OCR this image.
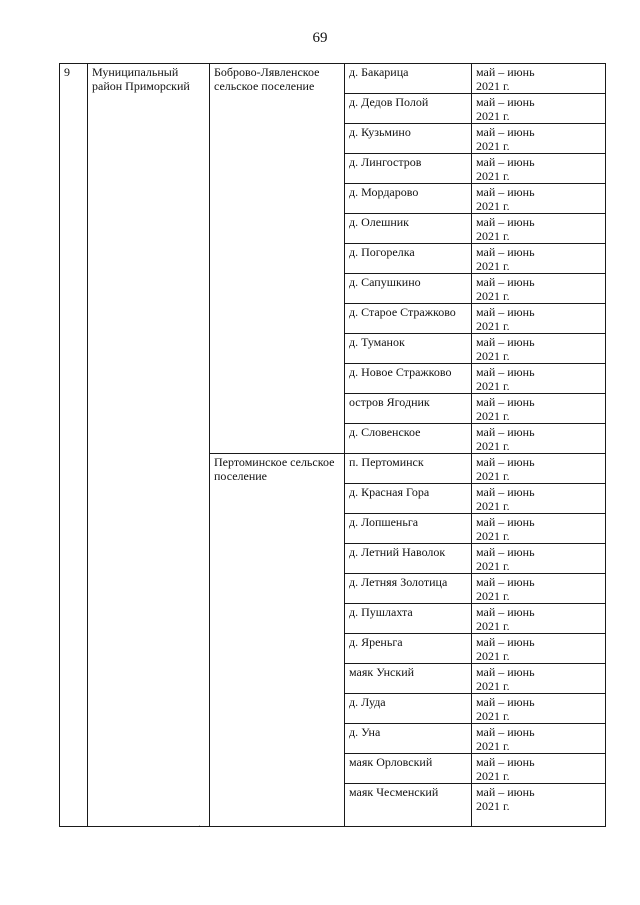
69
9	Муниципальный район Приморский	Боброво-Лявленское сельское поселение	д. Бакарица	май – июнь
2021 г.

			д. Дедов Полой	май – июнь
2021 г.

			д. Кузьмино	май – июнь
2021 г.

			д. Лингостров	май – июнь
2021 г.

			д. Мордарово	май – июнь
2021 г.

			д. Олешник	май – июнь
2021 г.

			д. Погорелка	май – июнь
2021 г.

			д. Сапушкино	май – июнь
2021 г.

			д. Старое Стражково	май – июнь
2021 г.

			д. Туманок	май – июнь
2021 г.

			д. Новое Стражково	май – июнь
2021 г.

			остров Ягодник	май – июнь
2021 г.

			д. Словенское	май – июнь
2021 г.

		Пертоминское сельское поселение	п. Пертоминск	май – июнь
2021 г.

			д. Красная Гора	май – июнь
2021 г.

			д. Лопшеньга	май – июнь
2021 г.

			д. Летний Наволок	май – июнь
2021 г.

			д. Летняя Золотица	май – июнь
2021 г.

			д. Пушлахта	май – июнь
2021 г.

			д. Яреньга	май – июнь
2021 г.

			маяк Унский	май – июнь
2021 г.

			д. Луда	май – июнь
2021 г.

			д. Уна	май – июнь
2021 г.

			маяк Орловский	май – июнь
2021 г.

			маяк Чесменский	май – июнь
2021 г.
.
